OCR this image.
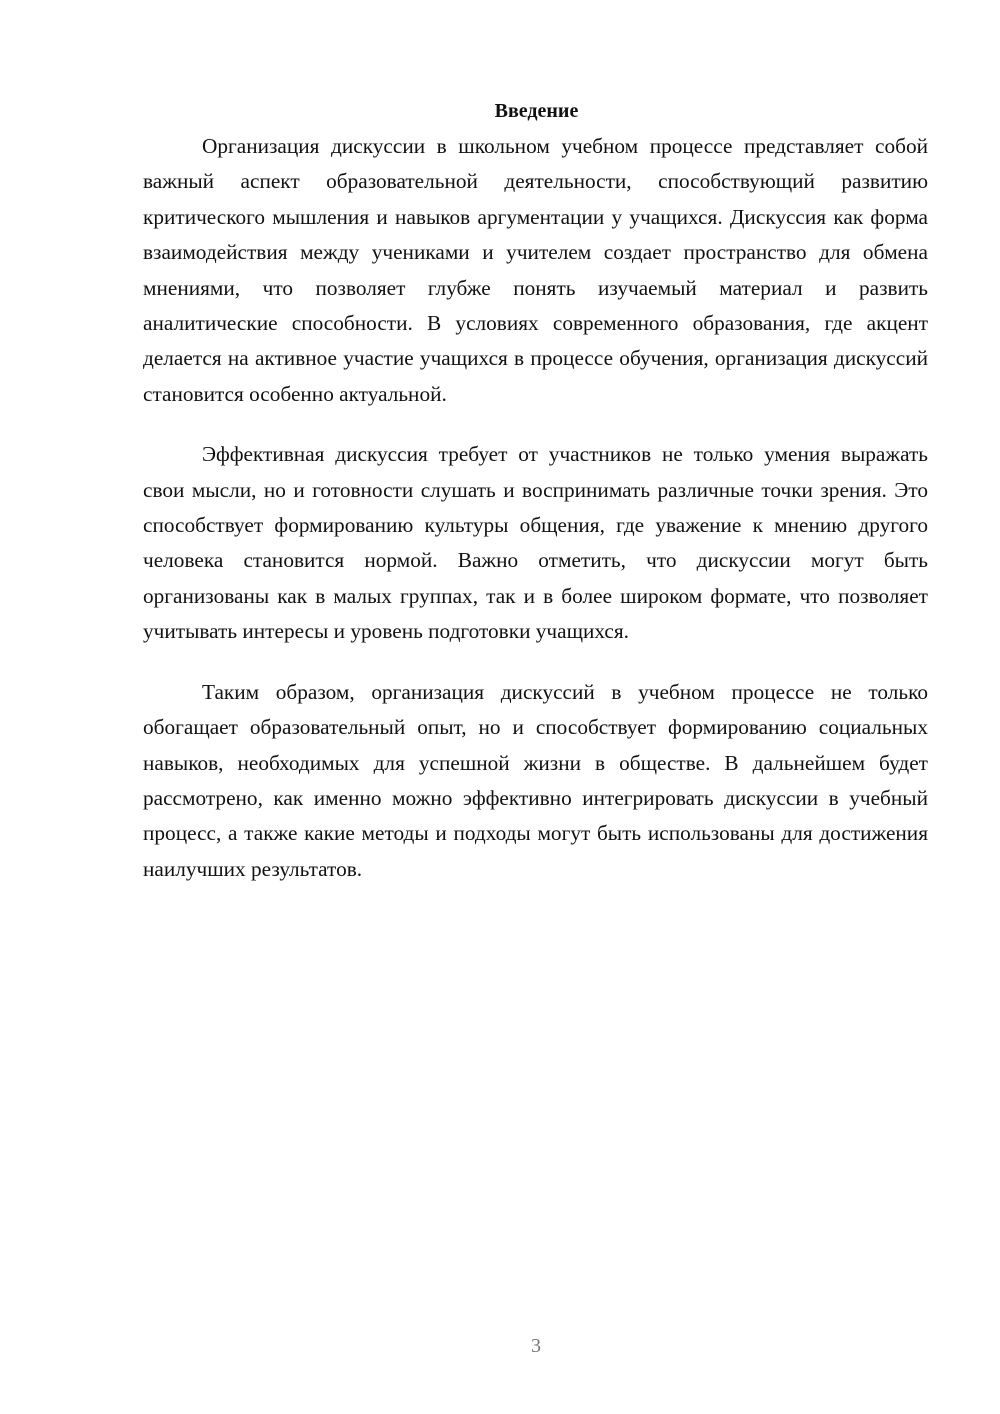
Введение

Организация дискуссии в школьном учебном процессе представляет собой важный аспект образовательной деятельности, способствующий развитию критического мышления и навыков аргументации у учащихся. Дискуссия как форма взаимодействия между учениками и учителем создает пространство для обмена мнениями, что позволяет глубже понять изучаемый материал и развить аналитические способности. В условиях современного образования, где акцент делается на активное участие учащихся в процессе обучения, организация дискуссий становится особенно актуальной.

Эффективная дискуссия требует от участников не только умения выражать свои мысли, но и готовности слушать и воспринимать различные точки зрения. Это способствует формированию культуры общения, где уважение к мнению другого человека становится нормой. Важно отметить, что дискуссии могут быть организованы как в малых группах, так и в более широком формате, что позволяет учитывать интересы и уровень подготовки учащихся.

Таким образом, организация дискуссий в учебном процессе не только обогащает образовательный опыт, но и способствует формированию социальных навыков, необходимых для успешной жизни в обществе. В дальнейшем будет рассмотрено, как именно можно эффективно интегрировать дискуссии в учебный процесс, а также какие методы и подходы могут быть использованы для достижения наилучших результатов.

3
